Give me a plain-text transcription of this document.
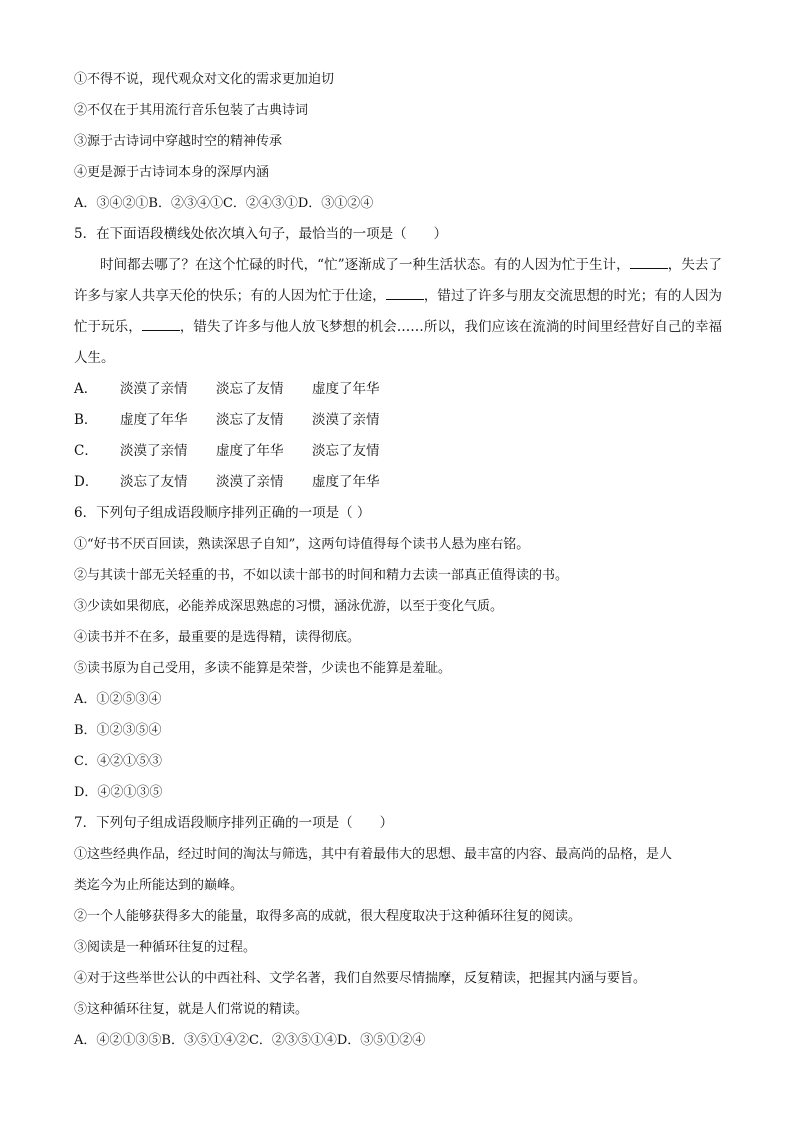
①不得不说，现代观众对文化的需求更加迫切
②不仅在于其用流行音乐包装了古典诗词
③源于古诗词中穿越时空的精神传承
④更是源于古诗词本身的深厚内涵
A．③④②①B．②③④①C．②④③①D．③①②④
5．在下面语段横线处依次填入句子，最恰当的一项是（　　）
时间都去哪了？在这个忙碌的时代，“忙”逐渐成了一种生活状态。有的人因为忙于生计，	，失去了许多与家人共享天伦的快乐；有的人因为忙于仕途，	，错过了许多与朋友交流思想的时光；有的人因为忙于玩乐，	，错失了许多与他人放飞梦想的机会……所以，我们应该在流淌的时间里经营好自己的幸福人生。
A．	淡漠了亲情	淡忘了友情	虚度了年华
B．	虚度了年华	淡忘了友情	淡漠了亲情
C．	淡漠了亲情	虚度了年华	淡忘了友情
D．	淡忘了友情	淡漠了亲情	虚度了年华
6．下列句子组成语段顺序排列正确的一项是（ ）
①“好书不厌百回读，熟读深思子自知”，这两句诗值得每个读书人悬为座右铭。
②与其读十部无关轻重的书，不如以读十部书的时间和精力去读一部真正值得读的书。
③少读如果彻底，必能养成深思熟虑的习惯，涵泳优游，以至于变化气质。
④读书并不在多，最重要的是选得精，读得彻底。
⑤读书原为自己受用，多读不能算是荣誉，少读也不能算是羞耻。
A．①②⑤③④
B．①②③⑤④
C．④②①⑤③
D．④②①③⑤
7．下列句子组成语段顺序排列正确的一项是（　　）
①这些经典作品，经过时间的淘汰与筛选，其中有着最伟大的思想、最丰富的内容、最高尚的品格，是人
类迄今为止所能达到的巅峰。
②一个人能够获得多大的能量，取得多高的成就，很大程度取决于这种循环往复的阅读。
③阅读是一种循环往复的过程。
④对于这些举世公认的中西社科、文学名著，我们自然要尽情揣摩，反复精读，把握其内涵与要旨。
⑤这种循环往复，就是人们常说的精读。
A．④②①③⑤B．③⑤①④②C．②③⑤①④D．③⑤①②④
